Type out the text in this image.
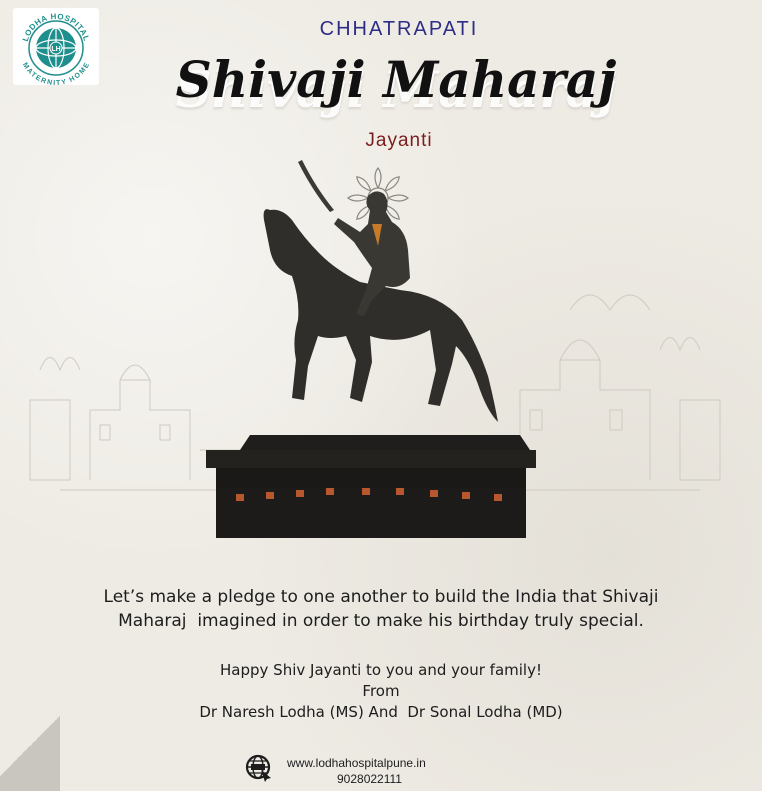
LH
LODHA HOSPITAL
MATERNITY HOME
CHHATRAPATI
Shivaji Maharaj
Jayanti
Let’s make a pledge to one another to build the India that Shivaji
Maharaj  imagined in order to make his birthday truly special.
Happy Shiv Jayanti to you and your family!
From
Dr Naresh Lodha (MS) And  Dr Sonal Lodha (MD)
www.lodhahospitalpune.in
9028022111
